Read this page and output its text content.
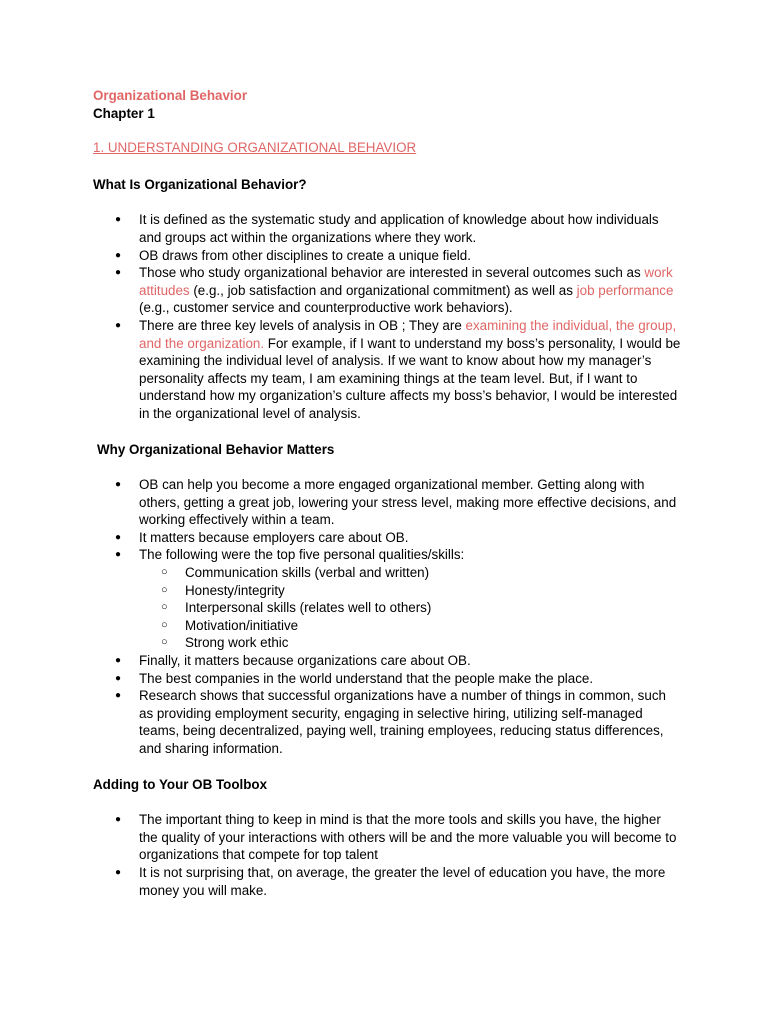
Organizational Behavior

Chapter 1

1. UNDERSTANDING ORGANIZATIONAL BEHAVIOR

What Is Organizational Behavior?
● It is defined as the systematic study and application of knowledge about how individuals and groups act within the organizations where they work.
● OB draws from other disciplines to create a unique field.
● Those who study organizational behavior are interested in several outcomes such as work attitudes (e.g., job satisfaction and organizational commitment) as well as job performance (e.g., customer service and counterproductive work behaviors).
● There are three key levels of analysis in OB ; They are examining the individual, the group, and the organization. For example, if I want to understand my boss’s personality, I would be examining the individual level of analysis. If we want to know about how my manager’s personality affects my team, I am examining things at the team level. But, if I want to understand how my organization’s culture affects my boss’s behavior, I would be interested in the organizational level of analysis.
Why Organizational Behavior Matters
● OB can help you become a more engaged organizational member. Getting along with others, getting a great job, lowering your stress level, making more effective decisions, and working effectively within a team.
● It matters because employers care about OB.
● The following were the top five personal qualities/skills:
○ Communication skills (verbal and written)
○ Honesty/integrity
○ Interpersonal skills (relates well to others)
○ Motivation/initiative
○ Strong work ethic
● Finally, it matters because organizations care about OB.
● The best companies in the world understand that the people make the place.
● Research shows that successful organizations have a number of things in common, such as providing employment security, engaging in selective hiring, utilizing self-managed teams, being decentralized, paying well, training employees, reducing status differences, and sharing information.
Adding to Your OB Toolbox
● The important thing to keep in mind is that the more tools and skills you have, the higher the quality of your interactions with others will be and the more valuable you will become to organizations that compete for top talent
● It is not surprising that, on average, the greater the level of education you have, the more money you will make.
